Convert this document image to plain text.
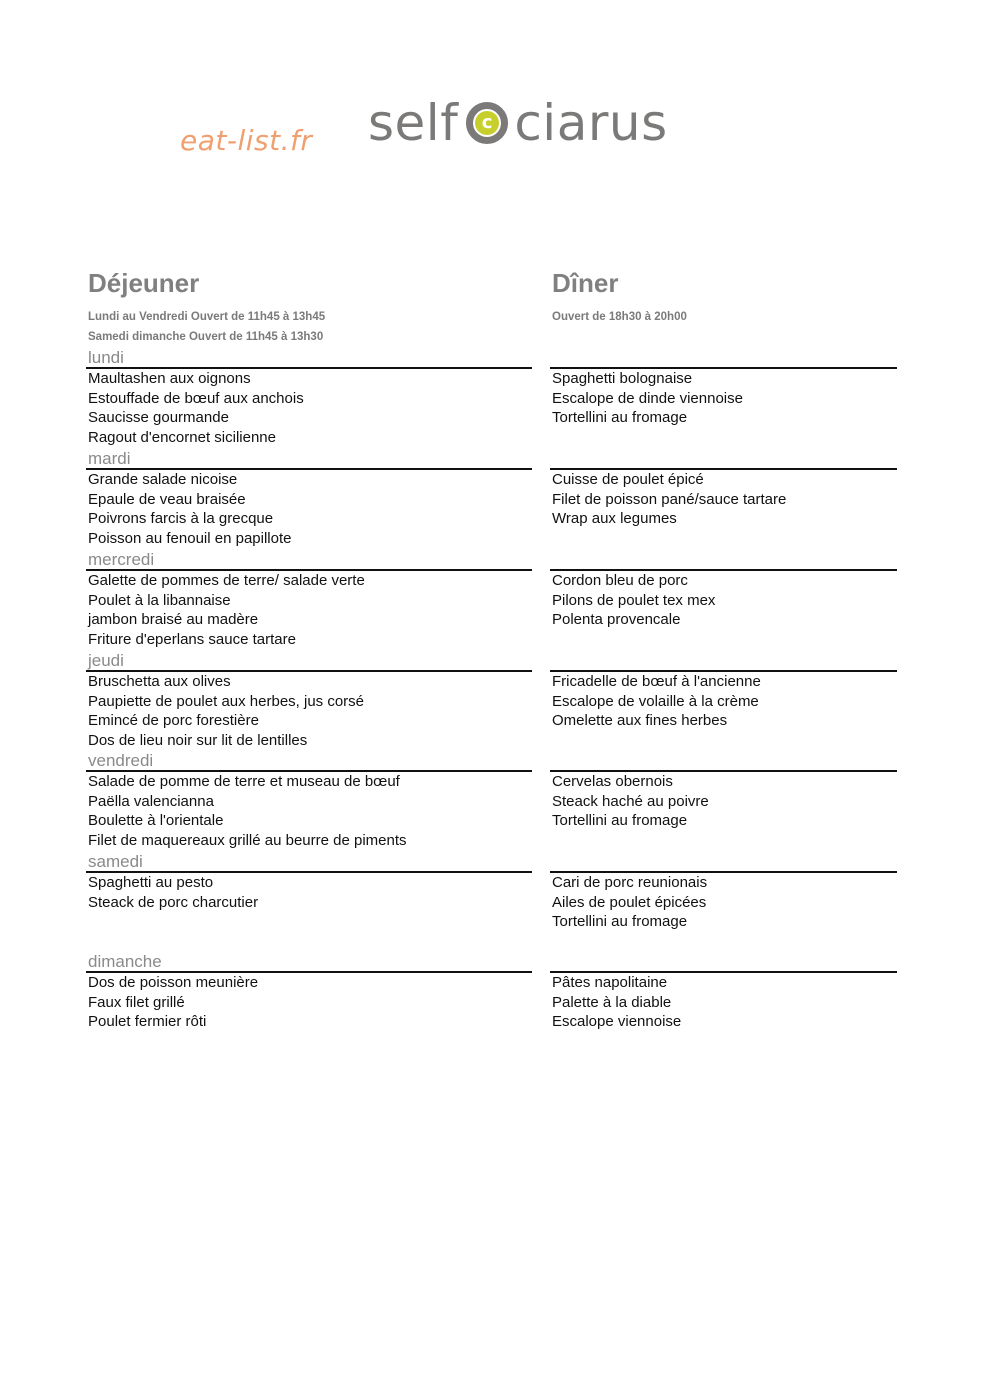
eat-list.fr self	c ciarus
Déjeuner
Lundi au Vendredi Ouvert de 11h45 à 13h45
Samedi dimanche Ouvert de 11h45 à 13h30
Dîner
Ouvert de 18h30 à 20h00
lundi
Maultashen aux oignons
Estouffade de bœuf aux anchois
Saucisse gourmande
Ragout d'encornet sicilienne
Spaghetti bolognaise
Escalope de dinde viennoise
Tortellini au fromage
mardi
Grande salade nicoise
Epaule de veau braisée
Poivrons farcis à la grecque
Poisson au fenouil en papillote
Cuisse de poulet épicé
Filet de poisson pané/sauce tartare
Wrap aux legumes
mercredi
Galette de pommes de terre/ salade verte
Poulet à la libannaise
jambon braisé au madère
Friture d'eperlans sauce tartare
Cordon bleu de porc
Pilons de poulet tex mex
Polenta provencale
jeudi
Bruschetta aux olives
Paupiette de poulet aux herbes, jus corsé
Emincé de porc forestière
Dos de lieu noir sur lit de lentilles
Fricadelle de bœuf à l'ancienne
Escalope de volaille à la crème
Omelette aux fines herbes
vendredi
Salade de pomme de terre et museau de bœuf
Paëlla valencianna
Boulette à l'orientale
Filet de maquereaux grillé au beurre de piments
Cervelas obernois
Steack haché au poivre
Tortellini au fromage
samedi
Spaghetti au pesto
Steack de porc charcutier
Cari de porc reunionais
Ailes de poulet épicées
Tortellini au fromage
dimanche
Dos de poisson meunière
Faux filet grillé
Poulet fermier rôti
Pâtes napolitaine
Palette à la diable
Escalope viennoise
